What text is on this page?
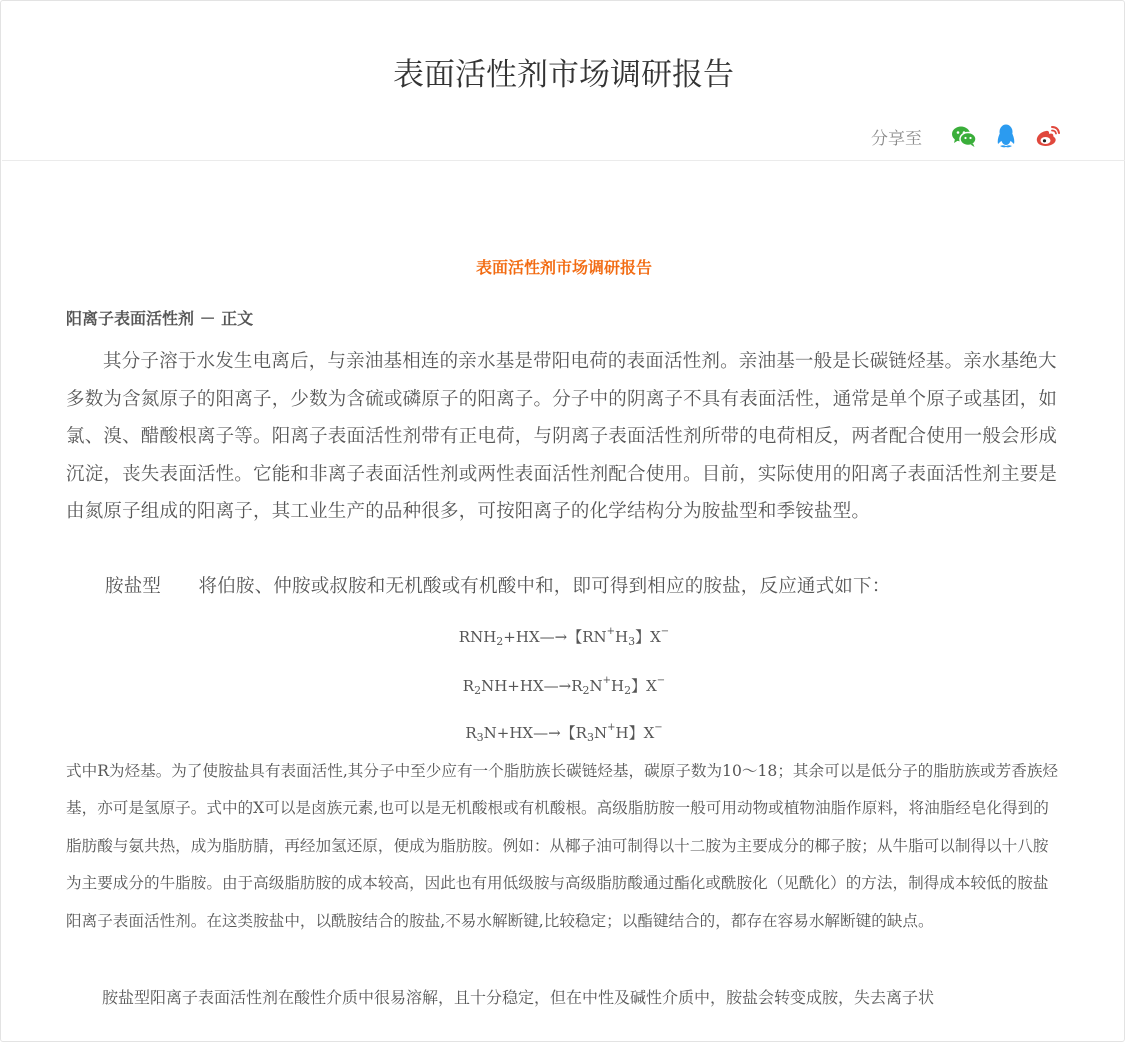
表面活性剂市场调研报告
分享至
表面活性剂市场调研报告
阳离子表面活性剂 － 正文

其分子溶于水发生电离后，与亲油基相连的亲水基是带阳电荷的表面活性剂。亲油基一般是长碳链烃基。亲水基绝大多数为含氮原子的阳离子，少数为含硫或磷原子的阳离子。分子中的阴离子不具有表面活性，通常是单个原子或基团，如氯、溴、醋酸根离子等。阳离子表面活性剂带有正电荷，与阴离子表面活性剂所带的电荷相反，两者配合使用一般会形成沉淀，丧失表面活性。它能和非离子表面活性剂或两性表面活性剂配合使用。目前，实际使用的阳离子表面活性剂主要是由氮原子组成的阳离子，其工业生产的品种很多，可按阳离子的化学结构分为胺盐型和季铵盐型。

胺盐型　　将伯胺、仲胺或叔胺和无机酸或有机酸中和，即可得到相应的胺盐，反应通式如下：

$RNH_2+HX—\to$【$RN^+H_3$】X−
$R_2NH+HX—\to R_2N^+H_2$】X−
$R_3N+HX—\to$【$R_3N^+H$】X−

式中R为烃基。为了使胺盐具有表面活性,其分子中至少应有一个脂肪族长碳链烃基，碳原子数为10～18；其余可以是低分子的脂肪族或芳香族烃基，亦可是氢原子。式中的X可以是卤族元素,也可以是无机酸根或有机酸根。高级脂肪胺一般可用动物或植物油脂作原料，将油脂经皂化得到的脂肪酸与氨共热，成为脂肪腈，再经加氢还原，便成为脂肪胺。例如：从椰子油可制得以十二胺为主要成分的椰子胺；从牛脂可以制得以十八胺为主要成分的牛脂胺。由于高级脂肪胺的成本较高，因此也有用低级胺与高级脂肪酸通过酯化或酰胺化（见酰化）的方法，制得成本较低的胺盐阳离子表面活性剂。在这类胺盐中，以酰胺结合的胺盐,不易水解断键,比较稳定；以酯键结合的，都存在容易水解断键的缺点。

胺盐型阳离子表面活性剂在酸性介质中很易溶解，且十分稳定，但在中性及碱性介质中，胺盐会转变成胺，失去离子状
